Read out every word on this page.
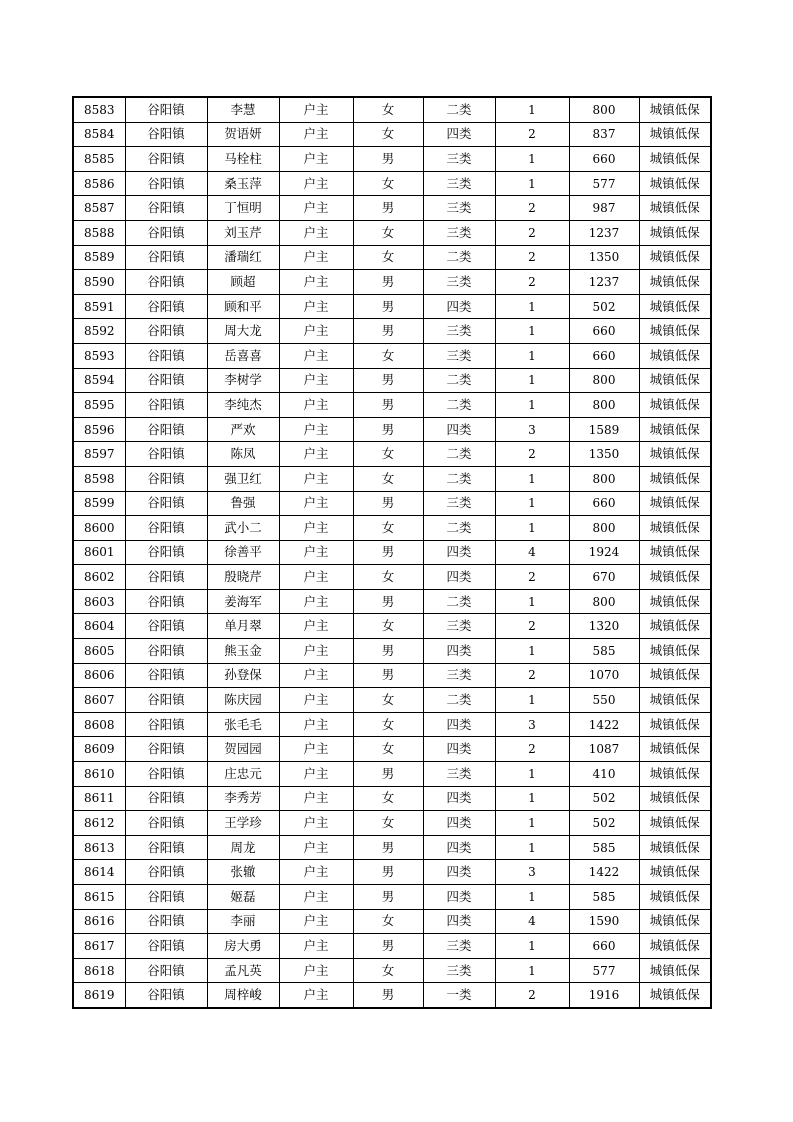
8583	谷阳镇	李慧	户主	女	二类	1	800	城镇低保
8584	谷阳镇	贺语妍	户主	女	四类	2	837	城镇低保
8585	谷阳镇	马栓柱	户主	男	三类	1	660	城镇低保
8586	谷阳镇	桑玉萍	户主	女	三类	1	577	城镇低保
8587	谷阳镇	丁恒明	户主	男	三类	2	987	城镇低保
8588	谷阳镇	刘玉芹	户主	女	三类	2	1237	城镇低保
8589	谷阳镇	潘瑞红	户主	女	二类	2	1350	城镇低保
8590	谷阳镇	顾超	户主	男	三类	2	1237	城镇低保
8591	谷阳镇	顾和平	户主	男	四类	1	502	城镇低保
8592	谷阳镇	周大龙	户主	男	三类	1	660	城镇低保
8593	谷阳镇	岳喜喜	户主	女	三类	1	660	城镇低保
8594	谷阳镇	李树学	户主	男	二类	1	800	城镇低保
8595	谷阳镇	李纯杰	户主	男	二类	1	800	城镇低保
8596	谷阳镇	严欢	户主	男	四类	3	1589	城镇低保
8597	谷阳镇	陈凤	户主	女	二类	2	1350	城镇低保
8598	谷阳镇	强卫红	户主	女	二类	1	800	城镇低保
8599	谷阳镇	鲁强	户主	男	三类	1	660	城镇低保
8600	谷阳镇	武小二	户主	女	二类	1	800	城镇低保
8601	谷阳镇	徐善平	户主	男	四类	4	1924	城镇低保
8602	谷阳镇	殷晓芹	户主	女	四类	2	670	城镇低保
8603	谷阳镇	姜海军	户主	男	二类	1	800	城镇低保
8604	谷阳镇	单月翠	户主	女	三类	2	1320	城镇低保
8605	谷阳镇	熊玉金	户主	男	四类	1	585	城镇低保
8606	谷阳镇	孙登保	户主	男	三类	2	1070	城镇低保
8607	谷阳镇	陈庆园	户主	女	二类	1	550	城镇低保
8608	谷阳镇	张毛毛	户主	女	四类	3	1422	城镇低保
8609	谷阳镇	贺园园	户主	女	四类	2	1087	城镇低保
8610	谷阳镇	庄忠元	户主	男	三类	1	410	城镇低保
8611	谷阳镇	李秀芳	户主	女	四类	1	502	城镇低保
8612	谷阳镇	王学珍	户主	女	四类	1	502	城镇低保
8613	谷阳镇	周龙	户主	男	四类	1	585	城镇低保
8614	谷阳镇	张辙	户主	男	四类	3	1422	城镇低保
8615	谷阳镇	姬磊	户主	男	四类	1	585	城镇低保
8616	谷阳镇	李丽	户主	女	四类	4	1590	城镇低保
8617	谷阳镇	房大勇	户主	男	三类	1	660	城镇低保
8618	谷阳镇	孟凡英	户主	女	三类	1	577	城镇低保
8619	谷阳镇	周梓峻	户主	男	一类	2	1916	城镇低保
